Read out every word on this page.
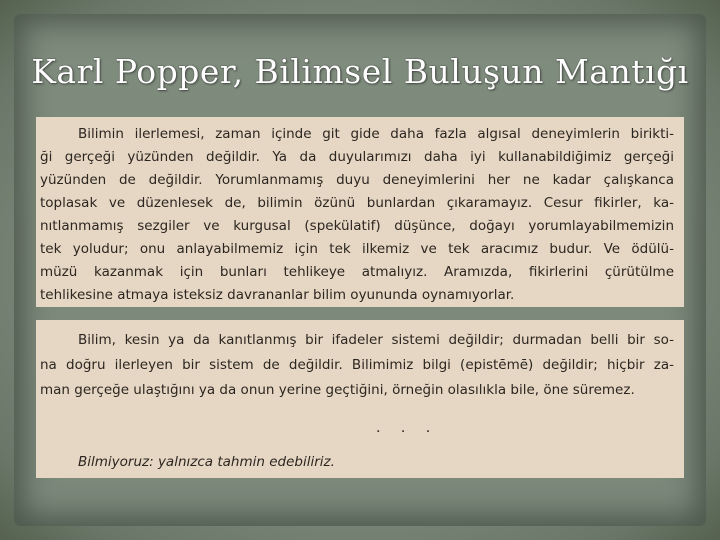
Karl Popper, Bilimsel Buluşun Mantığı
Bilimin ilerlemesi, zaman içinde git gide daha fazla algısal deneyimlerin birikti-
ği gerçeği yüzünden değildir. Ya da duyularımızı daha iyi kullanabildiğimiz gerçeği
yüzünden de değildir. Yorumlanmamış duyu deneyimlerini her ne kadar çalışkanca
toplasak ve düzenlesek de, bilimin özünü bunlardan çıkaramayız. Cesur fikirler, ka-
nıtlanmamış sezgiler ve kurgusal (spekülatif) düşünce, doğayı yorumlayabilmemizin
tek yoludur; onu anlayabilmemiz için tek ilkemiz ve tek aracımız budur. Ve ödülü-
müzü kazanmak için bunları tehlikeye atmalıyız. Aramızda, fikirlerini çürütülme
tehlikesine atmaya isteksiz davrananlar bilim oyununda oynamıyorlar.
Bilim, kesin ya da kanıtlanmış bir ifadeler sistemi değildir; durmadan belli bir so-
na doğru ilerleyen bir sistem de değildir. Bilimimiz bilgi (epistēmē) değildir; hiçbir za-
man gerçeğe ulaştığını ya da onun yerine geçtiğini, örneğin olasılıkla bile, öne süremez.
. . .
Bilmiyoruz: yalnızca tahmin edebiliriz.
